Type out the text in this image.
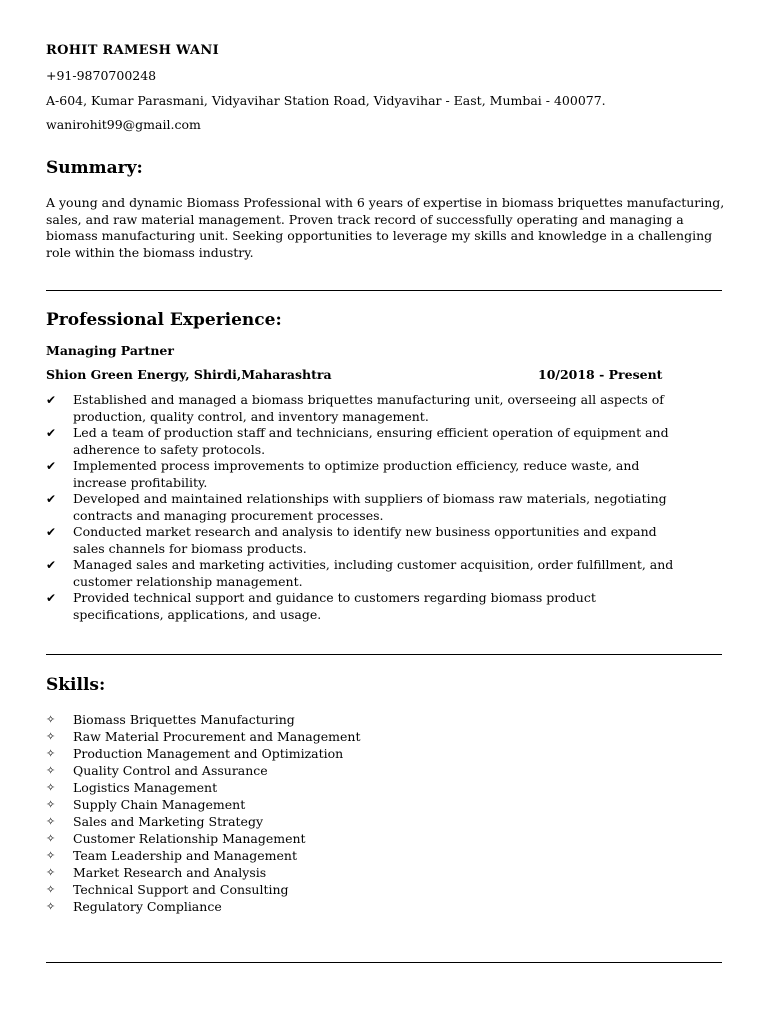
ROHIT RAMESH WANI
+91-9870700248
A-604, Kumar Parasmani, Vidyavihar Station Road, Vidyavihar - East, Mumbai - 400077.
wanirohit99@gmail.com
Summary:
A young and dynamic Biomass Professional with 6 years of expertise in biomass briquettes manufacturing, sales, and raw material management. Proven track record of successfully operating and managing a biomass manufacturing unit. Seeking opportunities to leverage my skills and knowledge in a challenging role within the biomass industry.
Professional Experience:
Managing Partner
Shion Green Energy, Shirdi,Maharashtra	10/2018 - Present
✔ Established and managed a biomass briquettes manufacturing unit, overseeing all aspects of production, quality control, and inventory management.
✔ Led a team of production staff and technicians, ensuring efficient operation of equipment and adherence to safety protocols.
✔ Implemented process improvements to optimize production efficiency, reduce waste, and increase profitability.
✔ Developed and maintained relationships with suppliers of biomass raw materials, negotiating contracts and managing procurement processes.
✔ Conducted market research and analysis to identify new business opportunities and expand sales channels for biomass products.
✔ Managed sales and marketing activities, including customer acquisition, order fulfillment, and customer relationship management.
✔ Provided technical support and guidance to customers regarding biomass product specifications, applications, and usage.
Skills:
✧ Biomass Briquettes Manufacturing
✧ Raw Material Procurement and Management
✧ Production Management and Optimization
✧ Quality Control and Assurance
✧ Logistics Management
✧ Supply Chain Management
✧ Sales and Marketing Strategy
✧ Customer Relationship Management
✧ Team Leadership and Management
✧ Market Research and Analysis
✧ Technical Support and Consulting
✧ Regulatory Compliance
